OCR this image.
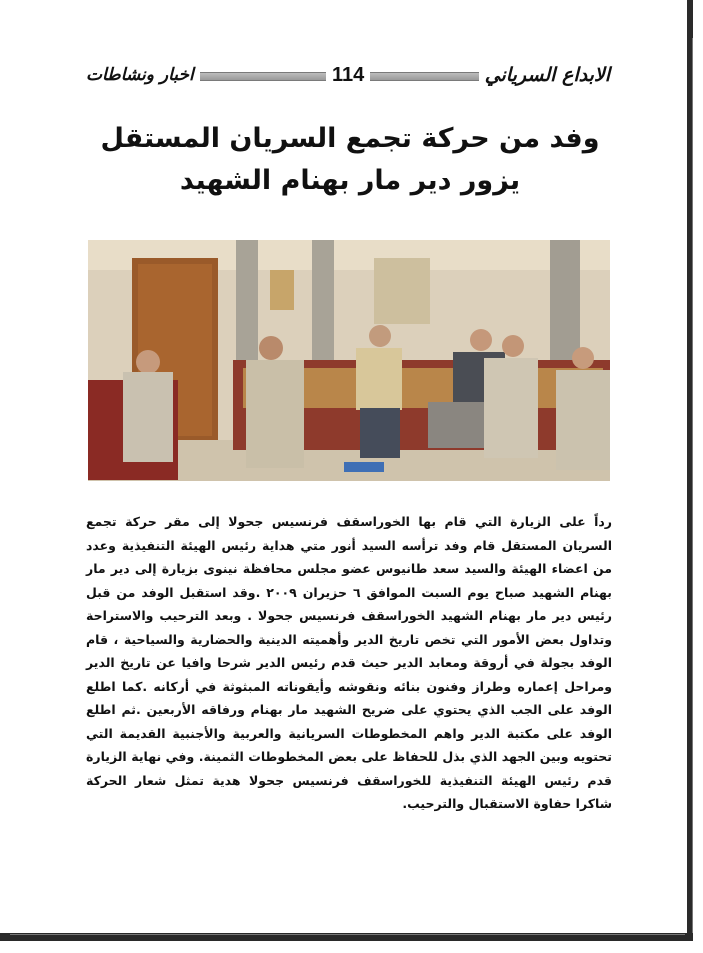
اخبار ونشاطات	114	الابداع السرياني
وفد من حركة تجمع السريان المستقل
يزور دير مار بهنام الشهيد

رداً على الزيارة التي قام بها الخوراسقف فرنسيس جحولا إلى مقر حركة تجمع السريان المستقل قام وفد ترأسه السيد أنور متي هداية رئيس الهيئة التنفيذية وعدد من اعضاء الهيئة والسيد سعد طانيوس عضو مجلس محافظة نينوى بزيارة إلى دير مار بهنام الشهيد صباح يوم السبت الموافق ٦ حزيران ٢٠٠٩ .وقد استقبل الوفد من قبل رئيس دير مار بهنام الشهيد الخوراسقف فرنسيس جحولا . وبعد الترحيب والاستراحة وتداول بعض الأمور التي تخص تاريخ الدير وأهميته الدينية والحضارية والسياحية ، قام الوفد بجولة في أروقة ومعابد الدير حيث قدم رئيس الدير شرحا وافيا عن تاريخ الدير ومراحل إعماره وطراز وفنون بنائه ونقوشه وأيقوناته المبثوثة في أركانه .كما اطلع الوفد على الجب الذي يحتوي على ضريح الشهيد مار بهنام ورفاقه الأربعين .ثم اطلع الوفد على مكتبة الدير واهم المخطوطات السريانية والعربية والأجنبية القديمة التي تحتويه وبين الجهد الذي بذل للحفاظ على بعض المخطوطات الثمينة. وفي نهاية الزيارة قدم رئيس الهيئة التنفيذية للخوراسقف فرنسيس جحولا هدية تمثل شعار الحركة شاكرا حفاوة الاستقبال والترحيب.
